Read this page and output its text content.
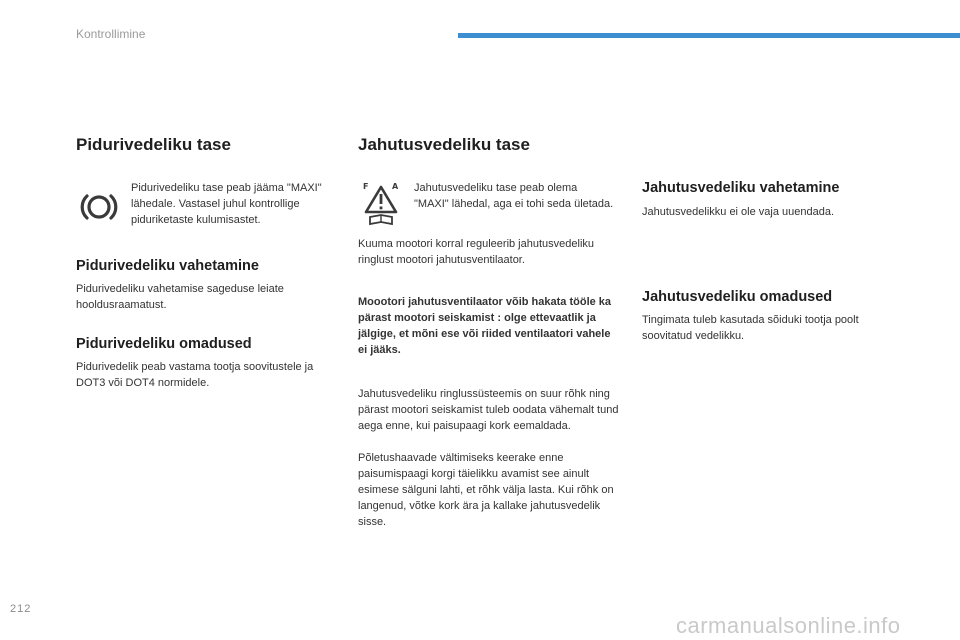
Kontrollimine
Pidurivedeliku tase
Pidurivedeliku tase peab jääma "MAXI" lähedale. Vastasel juhul kontrollige piduriketaste kulumisastet.
Pidurivedeliku vahetamine
Pidurivedeliku vahetamise sageduse leiate hooldusraamatust.
Pidurivedeliku omadused
Pidurivedelik peab vastama tootja soovitustele ja DOT3 või DOT4 normidele.
Jahutusvedeliku tase
F	A Jahutusvedeliku tase peab olema "MAXI" lähedal, aga ei tohi seda ületada.
Kuuma mootori korral reguleerib jahutusvedeliku ringlust mootori jahutusventilaator.
Moootori jahutusventilaator võib hakata tööle ka pärast mootori seiskamist : olge ettevaatlik ja jälgige, et mõni ese või riided ventilaatori vahele ei jääks.
Jahutusvedeliku ringlussüsteemis on suur rõhk ning pärast mootori seiskamist tuleb oodata vähemalt tund aega enne, kui paisupaagi kork eemaldada.
Põletushaavade vältimiseks keerake enne paisumispaagi korgi täielikku avamist see ainult esimese sälguni lahti, et rõhk välja lasta. Kui rõhk on langenud, võtke kork ära ja kallake jahutusvedelik sisse.
Jahutusvedeliku vahetamine
Jahutusvedelikku ei ole vaja uuendada.
Jahutusvedeliku omadused
Tingimata tuleb kasutada sõiduki tootja poolt soovitatud vedelikku.
212
carmanualsonline.info
